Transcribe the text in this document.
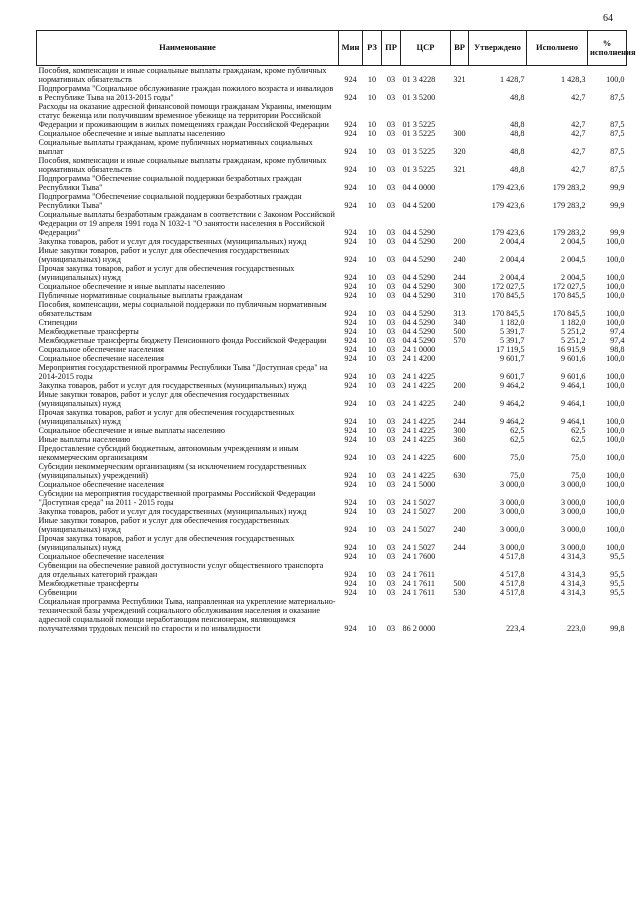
64
Наименование	Мин	РЗ	ПР	ЦСР	ВР	Утверждено	Исполнено	% исполнения
Пособия, компенсации и иные социальные выплаты гражданам, кроме публичных нормативных обязательств	924	10	03	01 3 4228	321	1 428,7	1 428,3	100,0
Подпрограмма "Социальное обслуживание граждан пожилого возраста и инвалидов в Республике Тыва на 2013-2015 годы"	924	10	03	01 3 5200		48,8	42,7	87,5
Расходы на оказание адресной финансовой помощи гражданам Украины, имеющим статус беженца или получившим временное убежище на территории Российской Федерации и проживающим в жилых помещениях граждан Российской Федерации	924	10	03	01 3 5225		48,8	42,7	87,5
Социальное обеспечение и иные выплаты населению	924	10	03	01 3 5225	300	48,8	42,7	87,5
Социальные выплаты гражданам, кроме публичных нормативных социальных выплат	924	10	03	01 3 5225	320	48,8	42,7	87,5
Пособия, компенсации и иные социальные выплаты гражданам, кроме публичных нормативных обязательств	924	10	03	01 3 5225	321	48,8	42,7	87,5
Подпрограмма "Обеспечение социальной поддержки безработных граждан Республики Тыва"	924	10	03	04 4 0000		179 423,6	179 283,2	99,9
Подпрограмма "Обеспечение социальной поддержки безработных граждан Республики Тыва"	924	10	03	04 4 5200		179 423,6	179 283,2	99,9
Социальные выплаты безработным гражданам в соответствии с Законом Российской Федерации от 19 апреля 1991 года N 1032-1 "О занятости населения в Российской Федерации"	924	10	03	04 4 5290		179 423,6	179 283,2	99,9
Закупка товаров, работ и услуг для государственных (муниципальных) нужд	924	10	03	04 4 5290	200	2 004,4	2 004,5	100,0
Иные закупки товаров, работ и услуг для обеспечения государственных (муниципальных) нужд	924	10	03	04 4 5290	240	2 004,4	2 004,5	100,0
Прочая закупка товаров, работ и услуг для обеспечения государственных (муниципальных) нужд	924	10	03	04 4 5290	244	2 004,4	2 004,5	100,0
Социальное обеспечение и иные выплаты населению	924	10	03	04 4 5290	300	172 027,5	172 027,5	100,0
Публичные нормативные социальные выплаты гражданам	924	10	03	04 4 5290	310	170 845,5	170 845,5	100,0
Пособия, компенсации, меры социальной поддержки по публичным нормативным обязательствам	924	10	03	04 4 5290	313	170 845,5	170 845,5	100,0
Стипендии	924	10	03	04 4 5290	340	1 182,0	1 182,0	100,0
Межбюджетные трансферты	924	10	03	04 4 5290	500	5 391,7	5 251,2	97,4
Межбюджетные трансферты бюджету Пенсионного фонда Российской Федерации	924	10	03	04 4 5290	570	5 391,7	5 251,2	97,4
Социальное обеспечение населения	924	10	03	24 1 0000		17 119,5	16 915,9	98,8
Социальное обеспечение населения	924	10	03	24 1 4200		9 601,7	9 601,6	100,0
Мероприятия государственной программы Республики Тыва "Доступная среда" на 2014-2015 годы	924	10	03	24 1 4225		9 601,7	9 601,6	100,0
Закупка товаров, работ и услуг для государственных (муниципальных) нужд	924	10	03	24 1 4225	200	9 464,2	9 464,1	100,0
Иные закупки товаров, работ и услуг для обеспечения государственных (муниципальных) нужд	924	10	03	24 1 4225	240	9 464,2	9 464,1	100,0
Прочая закупка товаров, работ и услуг для обеспечения государственных (муниципальных) нужд	924	10	03	24 1 4225	244	9 464,2	9 464,1	100,0
Социальное обеспечение и иные выплаты населению	924	10	03	24 1 4225	300	62,5	62,5	100,0
Иные выплаты населению	924	10	03	24 1 4225	360	62,5	62,5	100,0
Предоставление субсидий бюджетным, автономным учреждениям и иным некоммерческим организациям	924	10	03	24 1 4225	600	75,0	75,0	100,0
Субсидии некоммерческим организациям (за исключением государственных (муниципальных) учреждений)	924	10	03	24 1 4225	630	75,0	75,0	100,0
Социальное обеспечение населения	924	10	03	24 1 5000		3 000,0	3 000,0	100,0
Субсидии на мероприятия государственной программы Российской Федерации "Доступная среда" на 2011 - 2015 годы	924	10	03	24 1 5027		3 000,0	3 000,0	100,0
Закупка товаров, работ и услуг для государственных (муниципальных) нужд	924	10	03	24 1 5027	200	3 000,0	3 000,0	100,0
Иные закупки товаров, работ и услуг для обеспечения государственных (муниципальных) нужд	924	10	03	24 1 5027	240	3 000,0	3 000,0	100,0
Прочая закупка товаров, работ и услуг для обеспечения государственных (муниципальных) нужд	924	10	03	24 1 5027	244	3 000,0	3 000,0	100,0
Социальное обеспечение населения	924	10	03	24 1 7600		4 517,8	4 314,3	95,5
Субвенции на обеспечение равной доступности услуг общественного транспорта для отдельных категорий граждан	924	10	03	24 1 7611		4 517,8	4 314,3	95,5
Межбюджетные трансферты	924	10	03	24 1 7611	500	4 517,8	4 314,3	95,5
Субвенции	924	10	03	24 1 7611	530	4 517,8	4 314,3	95,5
Социальная программа Республики Тыва, направленная на укрепление материально-технической базы учреждений социального обслуживания населения и оказание адресной социальной помощи неработающим пенсионерам, являющимся получателями трудовых пенсий по старости и по инвалидности	924	10	03	86 2 0000		223,4	223,0	99,8
